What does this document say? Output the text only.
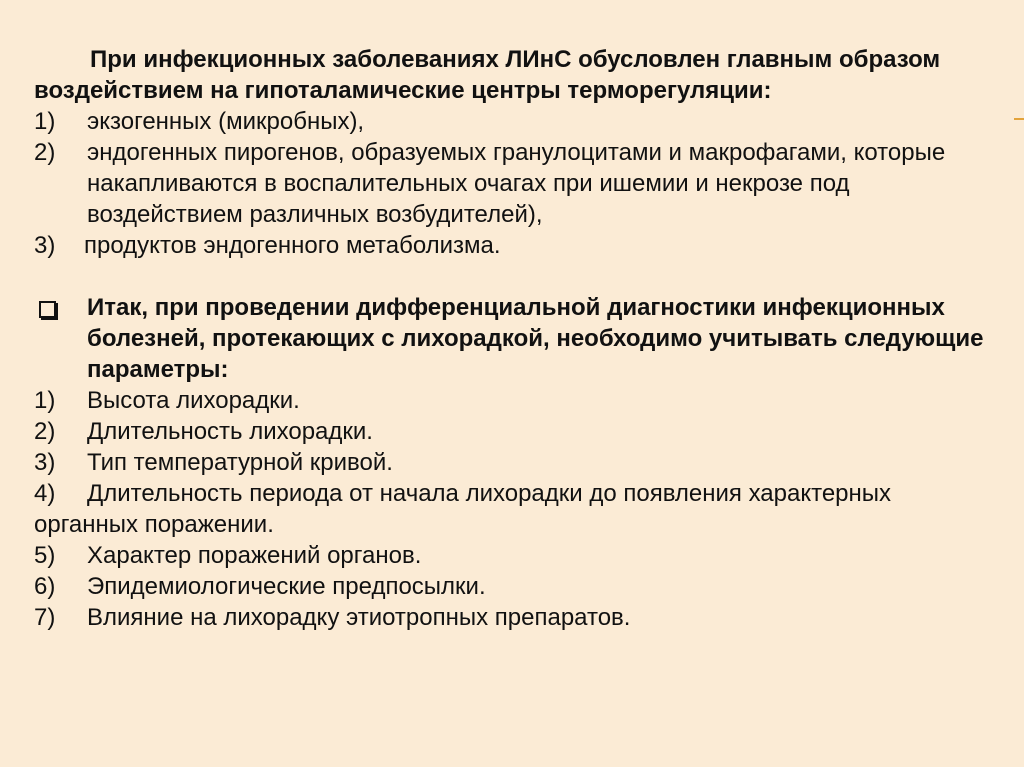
При инфекционных заболеваниях ЛИнС обусловлен главным образом воздействием на гипоталамические центры терморегуляции:

1)	экзогенных (микробных),
2)	эндогенных пирогенов, образуемых гранулоцитами и макрофагами, которые накапливаются в воспалительных очагах при ишемии и некрозе под воздействием различных возбудителей),
3)	продуктов эндогенного метаболизма.
Итак, при проведении дифференциальной диагностики инфекционных болезней, протекающих с лихорадкой, необходимо учитывать следующие параметры:
1)	Высота лихорадки.
2)	Длительность лихорадки.
3)	Тип температурной кривой.

4) Длительность периода от начала лихорадки до появления характерных органных поражении.

5)	Характер поражений органов.
6)	Эпидемиологические предпосылки.
7)	Влияние на лихорадку этиотропных препаратов.
